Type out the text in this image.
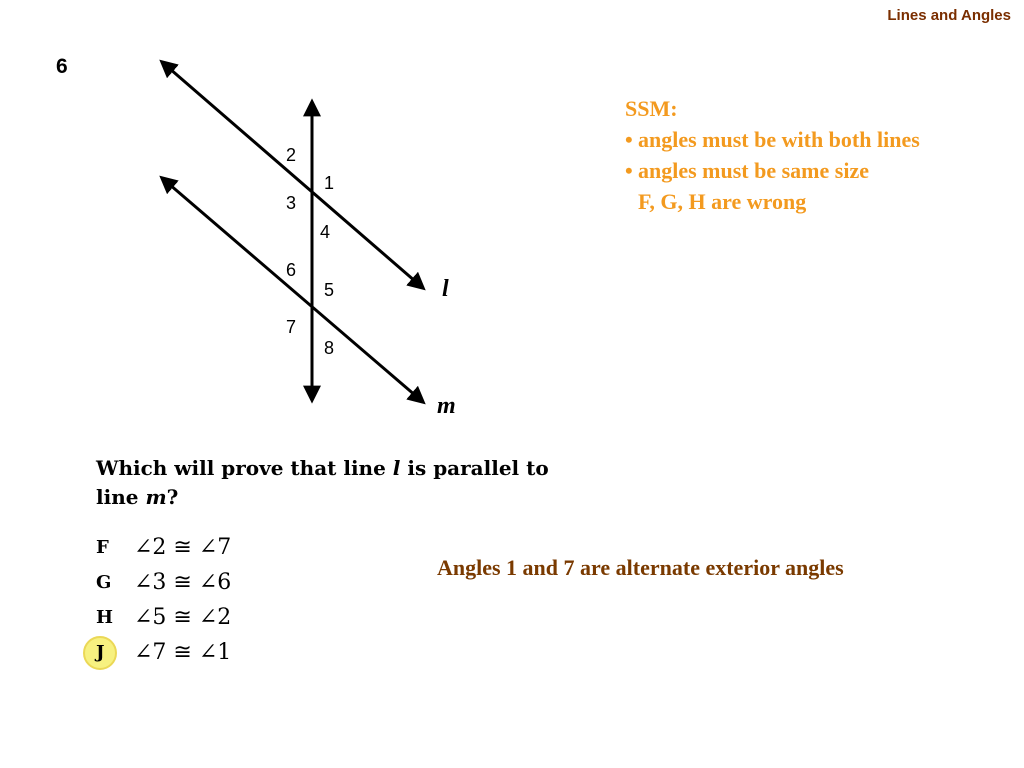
Lines and Angles
6
2
1
3
4
6
5
7
8
l
m
SSM:
• angles must be with both lines
• angles must be same size
F, G, H are wrong
Which will prove that line l is parallel to line m?
F	∠2 ≅ ∠7
G	∠3 ≅ ∠6
H ∠5 ≅ ∠2
J	∠7 ≅ ∠1
Angles 1 and 7 are alternate exterior angles
